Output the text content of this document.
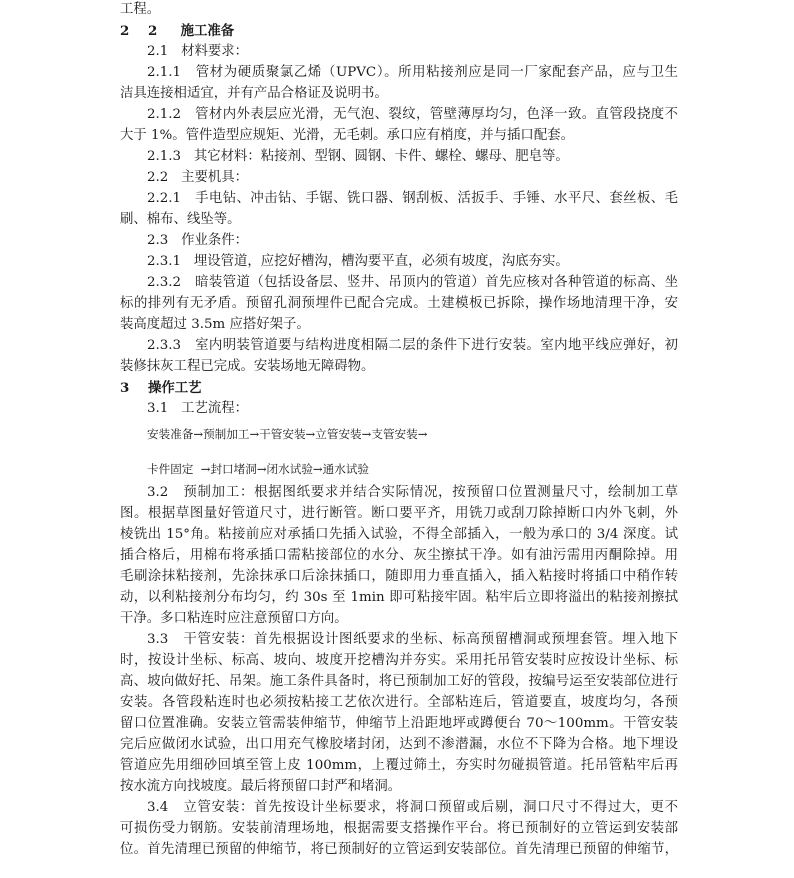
工程。
2    2     施工准备
2.1   材料要求：
2.1.1   管材为硬质聚氯乙烯（UPVC）。所用粘接剂应是同一厂家配套产品，应与卫生
洁具连接相适宜，并有产品合格证及说明书。
2.1.2   管材内外表层应光滑，无气泡、裂纹，管壁薄厚均匀，色泽一致。直管段挠度不
大于 1%。管件造型应规矩、光滑，无毛刺。承口应有梢度，并与插口配套。
2.1.3   其它材料：粘接剂、型钢、圆钢、卡件、螺栓、螺母、肥皂等。
2.2   主要机具：
2.2.1   手电钻、冲击钻、手锯、铣口器、钢刮板、活扳手、手锤、水平尺、套丝板、毛
刷、棉布、线坠等。
2.3   作业条件：
2.3.1   埋设管道，应挖好槽沟，槽沟要平直，必须有坡度，沟底夯实。
2.3.2   暗装管道（包括设备层、竖井、吊顶内的管道）首先应核对各种管道的标高、坐
标的排列有无矛盾。预留孔洞预埋件已配合完成。土建模板已拆除，操作场地清理干净，安
装高度超过 3.5m 应搭好架子。
2.3.3   室内明装管道要与结构进度相隔二层的条件下进行安装。室内地平线应弹好，初
装修抹灰工程已完成。安装场地无障碍物。
3    操作工艺
3.1   工艺流程：
安装准备→预制加工→干管安装→立管安装→支管安装→
卡件固定  →封口堵洞→闭水试验→通水试验
3.2   预制加工：根据图纸要求并结合实际情况，按预留口位置测量尺寸，绘制加工草
图。根据草图量好管道尺寸，进行断管。断口要平齐，用铣刀或刮刀除掉断口内外飞刺，外
棱铣出 15°角。粘接前应对承插口先插入试验，不得全部插入，一般为承口的 3/4 深度。试
插合格后，用棉布将承插口需粘接部位的水分、灰尘擦拭干净。如有油污需用丙酮除掉。用
毛刷涂抹粘接剂，先涂抹承口后涂抹插口，随即用力垂直插入，插入粘接时将插口中稍作转
动，以利粘接剂分布均匀，约 30s 至 1min 即可粘接牢固。粘牢后立即将溢出的粘接剂擦拭
干净。多口粘连时应注意预留口方向。
3.3   干管安装：首先根据设计图纸要求的坐标、标高预留槽洞或预埋套管。埋入地下
时，按设计坐标、标高、坡向、坡度开挖槽沟并夯实。采用托吊管安装时应按设计坐标、标
高、坡向做好托、吊架。施工条件具备时，将已预制加工好的管段，按编号运至安装部位进行
安装。各管段粘连时也必须按粘接工艺依次进行。全部粘连后，管道要直，坡度均匀，各预
留口位置准确。安装立管需装伸缩节，伸缩节上沿距地坪或蹲便台 70～100mm。干管安装
完后应做闭水试验，出口用充气橡胶堵封闭，达到不渗潜漏，水位不下降为合格。地下埋设
管道应先用细砂回填至管上皮 100mm，上覆过筛土，夯实时勿碰损管道。托吊管粘牢后再
按水流方向找坡度。最后将预留口封严和堵洞。
3.4   立管安装：首先按设计坐标要求，将洞口预留或后剔，洞口尺寸不得过大，更不
可损伤受力钢筋。安装前清理场地，根据需要支搭操作平台。将已预制好的立管运到安装部
位。首先清理已预留的伸缩节，将已预制好的立管运到安装部位。首先清理已预留的伸缩节，
